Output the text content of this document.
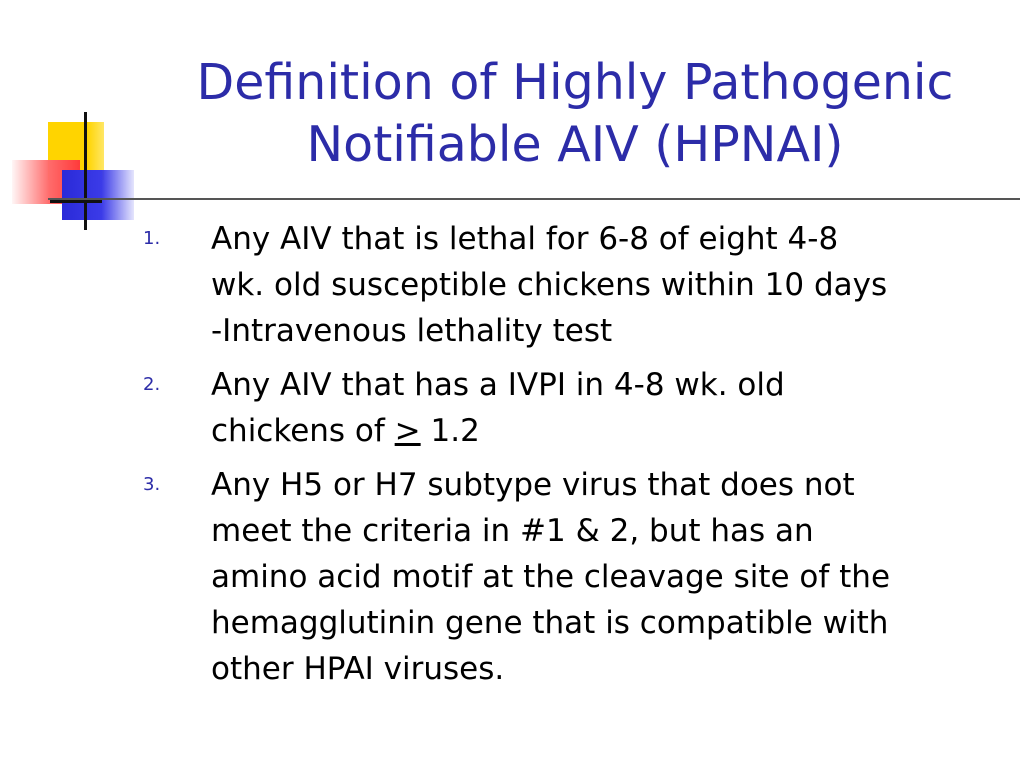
Definition of Highly Pathogenic
Notifiable AIV (HPNAI)
1. Any AIV that is lethal for 6-8 of eight 4-8
wk. old susceptible chickens within 10 days
-Intravenous lethality test
2. Any AIV that has a IVPI in 4-8 wk. old
chickens of ≥ 1.2
3. Any H5 or H7 subtype virus that does not
meet the criteria in #1 & 2, but has an
amino acid motif at the cleavage site of the
hemagglutinin gene that is compatible with
other HPAI viruses.
